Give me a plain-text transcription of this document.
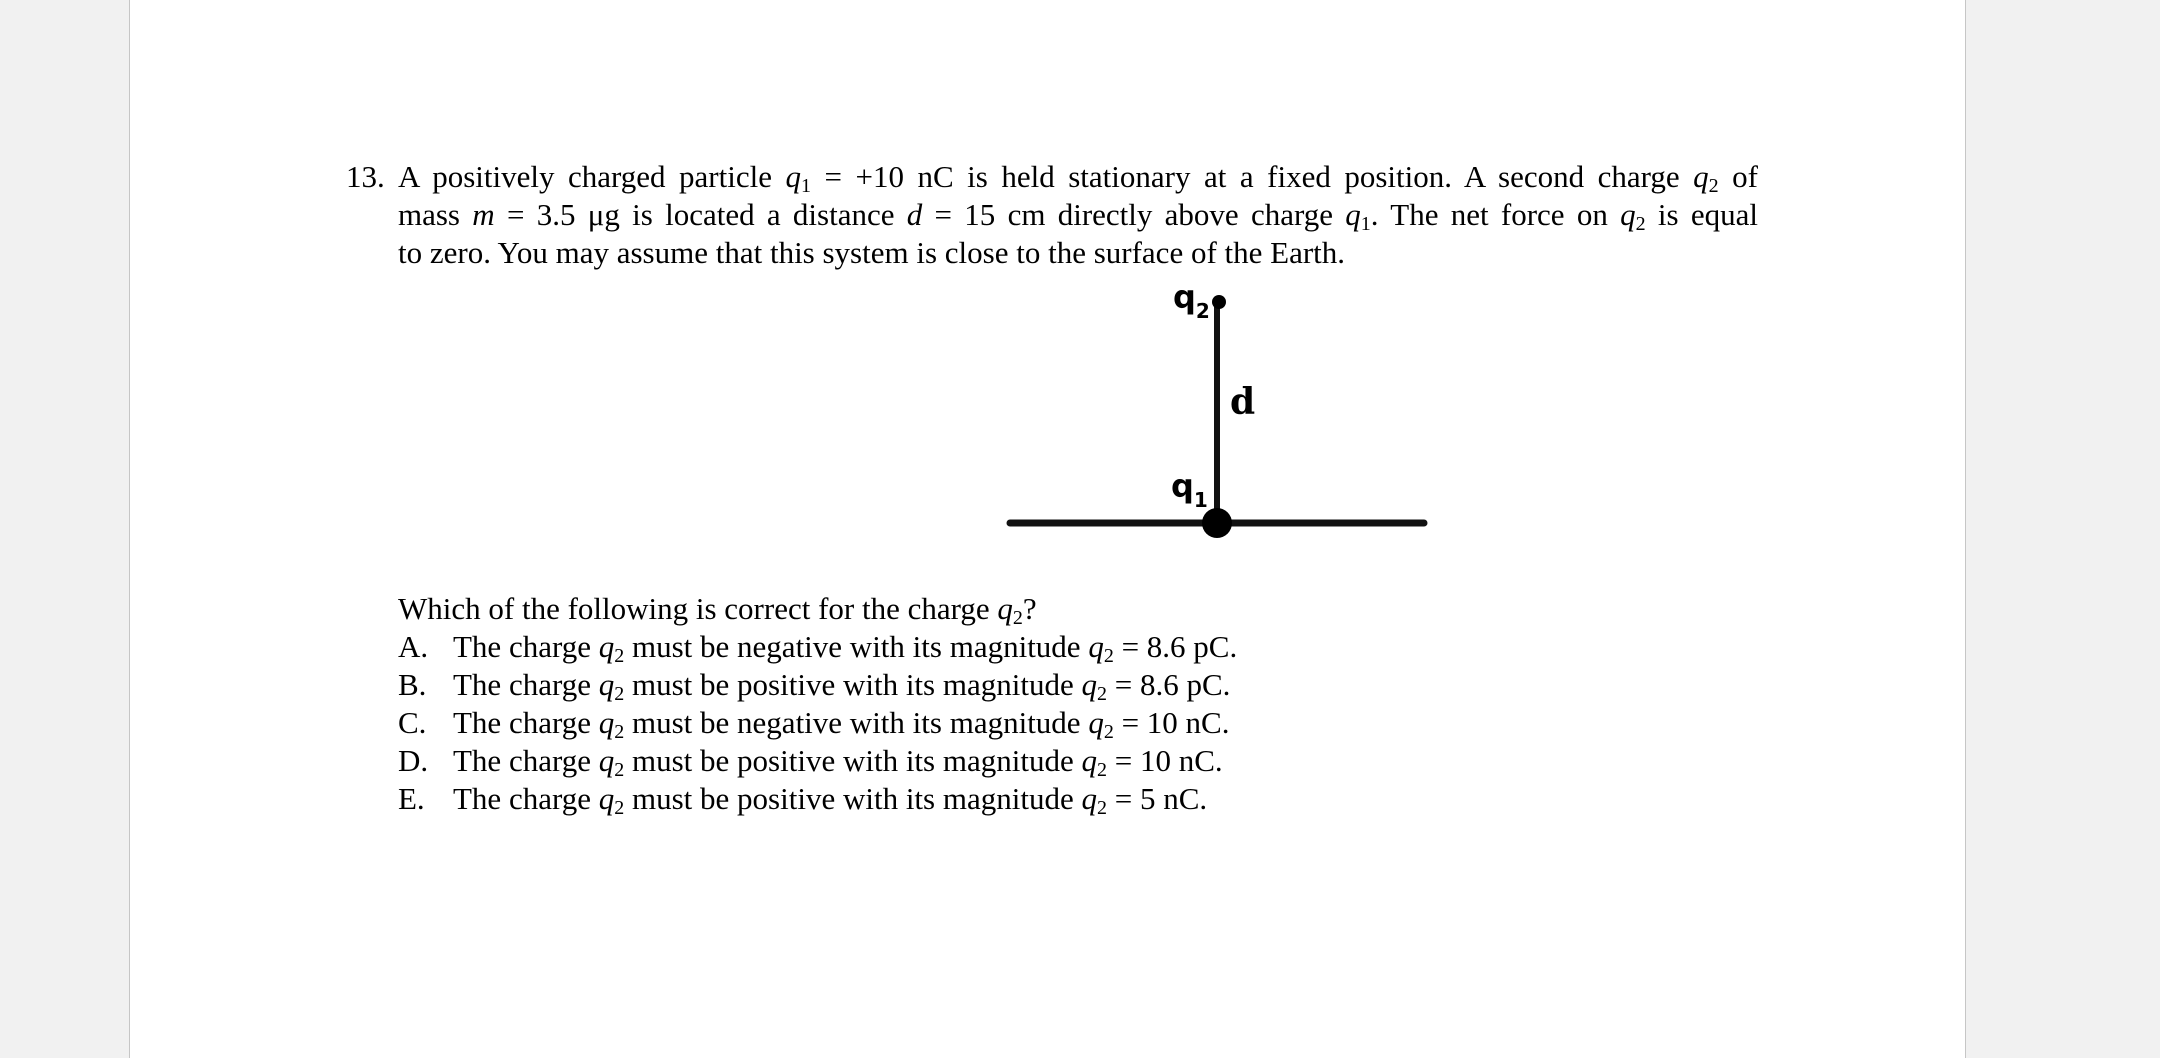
13. A positively charged particle $q_1 = +10$ nC is held stationary at a fixed position. A second charge $q_2$ of
mass m = 3.5 μg is located a distance d = 15 cm directly above charge $q_1$. The net force on $q_2$ is equal
to zero. You may assume that this system is close to the surface of the Earth.
$q_2$
d
$q_1$
Which of the following is correct for the charge $q_2$?
A. The charge $q_2$ must be negative with its magnitude $q_2 = 8.6$ pC.
B. The charge $q_2$ must be positive with its magnitude $q_2 = 8.6$ pC.
C. The charge $q_2$ must be negative with its magnitude $q_2 = 10$ nC.
D. The charge $q_2$ must be positive with its magnitude $q_2 = 10$ nC.
E. The charge $q_2$ must be positive with its magnitude $q_2 = 5$ nC.
